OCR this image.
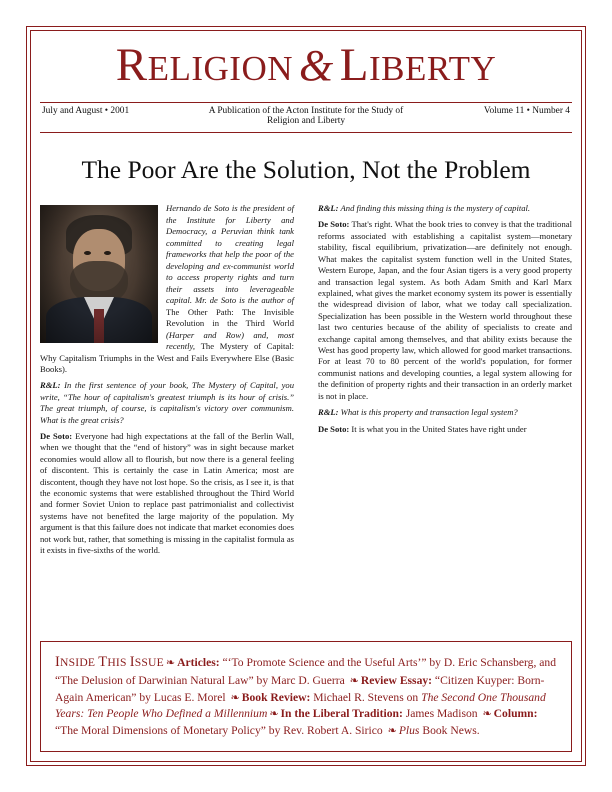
RELIGION & LIBERTY
July and August • 2001	A Publication of the Acton Institute for the Study of Religion and Liberty
Volume 11 • Number 4
The Poor Are the Solution, Not the Problem

Hernando de Soto is the president of the Institute for Liberty and Democracy, a Peruvian think tank committed to creating legal frameworks that help the poor of the developing and ex-communist world to access property rights and turn their assets into leverageable capital. Mr. de Soto is the author of The Other Path: The Invisible Revolution in the Third World (Harper and Row) and, most recently, The Mystery of Capital: Why Capitalism Triumphs in the West and Fails Everywhere Else (Basic Books).

R&L: In the first sentence of your book, The Mystery of Capital, you write, “The hour of capitalism's greatest triumph is its hour of crisis.” The great triumph, of course, is capitalism's victory over communism. What is the great crisis?

De Soto: Everyone had high expectations at the fall of the Berlin Wall, when we thought that the “end of history” was in sight because market economies would allow all to flourish, but now there is a general feeling of discontent. This is certainly the case in Latin America; most are discontent, though they have not lost hope. So the crisis, as I see it, is that the economic systems that were established throughout the Third World and former Soviet Union to replace past patrimonialist and collectivist systems have not benefited the large majority of the population. My argument is that this failure does not indicate that market economies does not work but, rather, that something is missing in the capitalist formula as it exists in five-sixths of the world.

R&L: And finding this missing thing is the mystery of capital.

De Soto: That's right. What the book tries to convey is that the traditional reforms associated with establishing a capitalist system—monetary stability, fiscal equilibrium, privatization—are definitely not enough. What makes the capitalist system function well in the United States, Western Europe, Japan, and the four Asian tigers is a very good property and transaction legal system. As both Adam Smith and Karl Marx explained, what gives the market economy system its power is essentially the widespread division of labor, what we today call specialization. Specialization has been possible in the Western world throughout these last two centuries because of the ability of specialists to create and exchange capital among themselves, and that ability exists because the West has good property law, which allowed for good market transactions. For at least 70 to 80 percent of the world's population, for former communist nations and developing counties, a legal system allowing for the definition of property rights and their transaction in an orderly market is not in place.

R&L: What is this property and transaction legal system?

De Soto: It is what you in the United States have right under

INSIDE THIS ISSUE ❧ Articles: “‘To Promote Science and the Useful Arts’” by D. Eric Schansberg, and “The Delusion of Darwinian Natural Law” by Marc D. Guerra ❧ Review Essay: “Citizen Kuyper: Born-Again American” by Lucas E. Morel ❧ Book Review: Michael R. Stevens on The Second One Thousand Years: Ten People Who Defined a Millennium ❧ In the Liberal Tradition: James Madison ❧ Column: “The Moral Dimensions of Monetary Policy” by Rev. Robert A. Sirico ❧ Plus Book News.
